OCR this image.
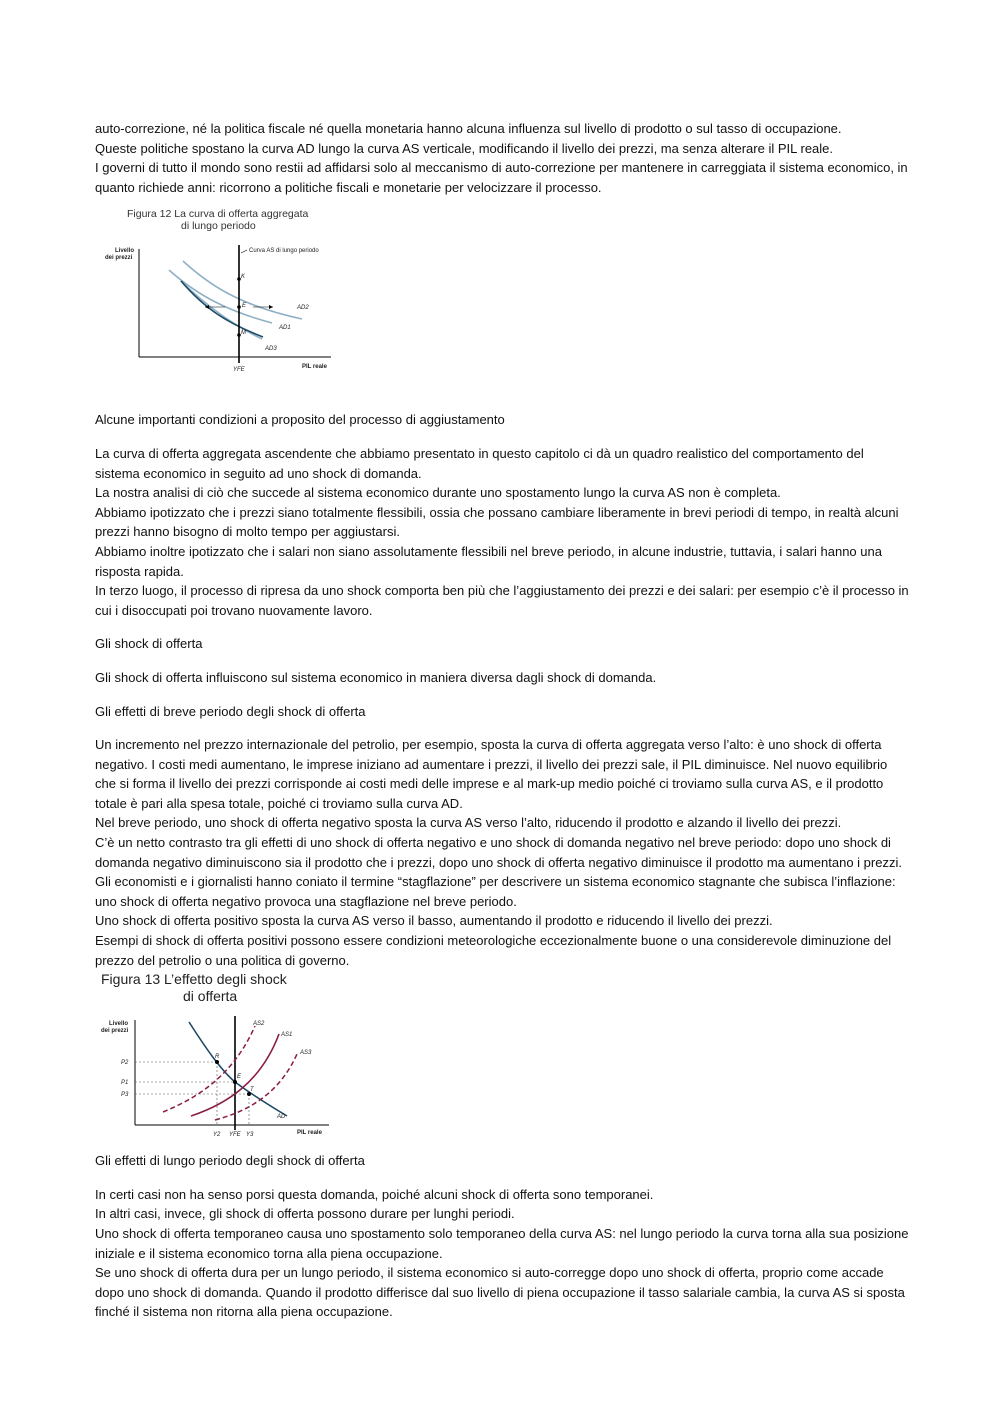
auto-correzione, né la politica fiscale né quella monetaria hanno alcuna influenza sul livello di prodotto o sul tasso di occupazione.

Queste politiche spostano la curva AD lungo la curva AS verticale, modificando il livello dei prezzi, ma senza alterare il PIL reale.

I governi di tutto il mondo sono restii ad affidarsi solo al meccanismo di auto-correzione per mantenere in carreggiata il sistema economico, in quanto richiede anni: ricorrono a politiche fiscali e monetarie per velocizzare il processo.

Figura 12 La curva di offerta aggregata
di lungo periodo
Livello
dei prezzi
Curva AS di lungo periodo
K
E
M
AD2
AD1
AD3
YFE	PIL reale

Alcune importanti condizioni a proposito del processo di aggiustamento

La curva di offerta aggregata ascendente che abbiamo presentato in questo capitolo ci dà un quadro realistico del comportamento del sistema economico in seguito ad uno shock di domanda.

La nostra analisi di ciò che succede al sistema economico durante uno spostamento lungo la curva AS non è completa.

Abbiamo ipotizzato che i prezzi siano totalmente flessibili, ossia che possano cambiare liberamente in brevi periodi di tempo, in realtà alcuni prezzi hanno bisogno di molto tempo per aggiustarsi.

Abbiamo inoltre ipotizzato che i salari non siano assolutamente flessibili nel breve periodo, in alcune industrie, tuttavia, i salari hanno una risposta rapida.

In terzo luogo, il processo di ripresa da uno shock comporta ben più che l’aggiustamento dei prezzi e dei salari: per esempio c’è il processo in cui i disoccupati poi trovano nuovamente lavoro.

Gli shock di offerta

Gli shock di offerta influiscono sul sistema economico in maniera diversa dagli shock di domanda.

Gli effetti di breve periodo degli shock di offerta

Un incremento nel prezzo internazionale del petrolio, per esempio, sposta la curva di offerta aggregata verso l’alto: è uno shock di offerta negativo. I costi medi aumentano, le imprese iniziano ad aumentare i prezzi, il livello dei prezzi sale, il PIL diminuisce. Nel nuovo equilibrio che si forma il livello dei prezzi corrisponde ai costi medi delle imprese e al mark-up medio poiché ci troviamo sulla curva AS, e il prodotto totale è pari alla spesa totale, poiché ci troviamo sulla curva AD.

Nel breve periodo, uno shock di offerta negativo sposta la curva AS verso l’alto, riducendo il prodotto e alzando il livello dei prezzi.

C’è un netto contrasto tra gli effetti di uno shock di offerta negativo e uno shock di domanda negativo nel breve periodo: dopo uno shock di domanda negativo diminuiscono sia il prodotto che i prezzi, dopo uno shock di offerta negativo diminuisce il prodotto ma aumentano i prezzi. Gli economisti e i giornalisti hanno coniato il termine “stagflazione” per descrivere un sistema economico stagnante che subisca l’inflazione: uno shock di offerta negativo provoca una stagflazione nel breve periodo.

Uno shock di offerta positivo sposta la curva AS verso il basso, aumentando il prodotto e riducendo il livello dei prezzi.

Esempi di shock di offerta positivi possono essere condizioni meteorologiche eccezionalmente buone o una considerevole diminuzione del prezzo del petrolio o una politica di governo.

Figura 13 L’effetto degli shock
di offerta
Livello
dei prezzi
R
E
T
P2
P1
P3
AS2
AS1
AS3
AD
Y2 YFE Y3	PIL reale

Gli effetti di lungo periodo degli shock di offerta

In certi casi non ha senso porsi questa domanda, poiché alcuni shock di offerta sono temporanei.

In altri casi, invece, gli shock di offerta possono durare per lunghi periodi.

Uno shock di offerta temporaneo causa uno spostamento solo temporaneo della curva AS: nel lungo periodo la curva torna alla sua posizione iniziale e il sistema economico torna alla piena occupazione.

Se uno shock di offerta dura per un lungo periodo, il sistema economico si auto-corregge dopo uno shock di offerta, proprio come accade dopo uno shock di domanda. Quando il prodotto differisce dal suo livello di piena occupazione il tasso salariale cambia, la curva AS si sposta finché il sistema non ritorna alla piena occupazione.
